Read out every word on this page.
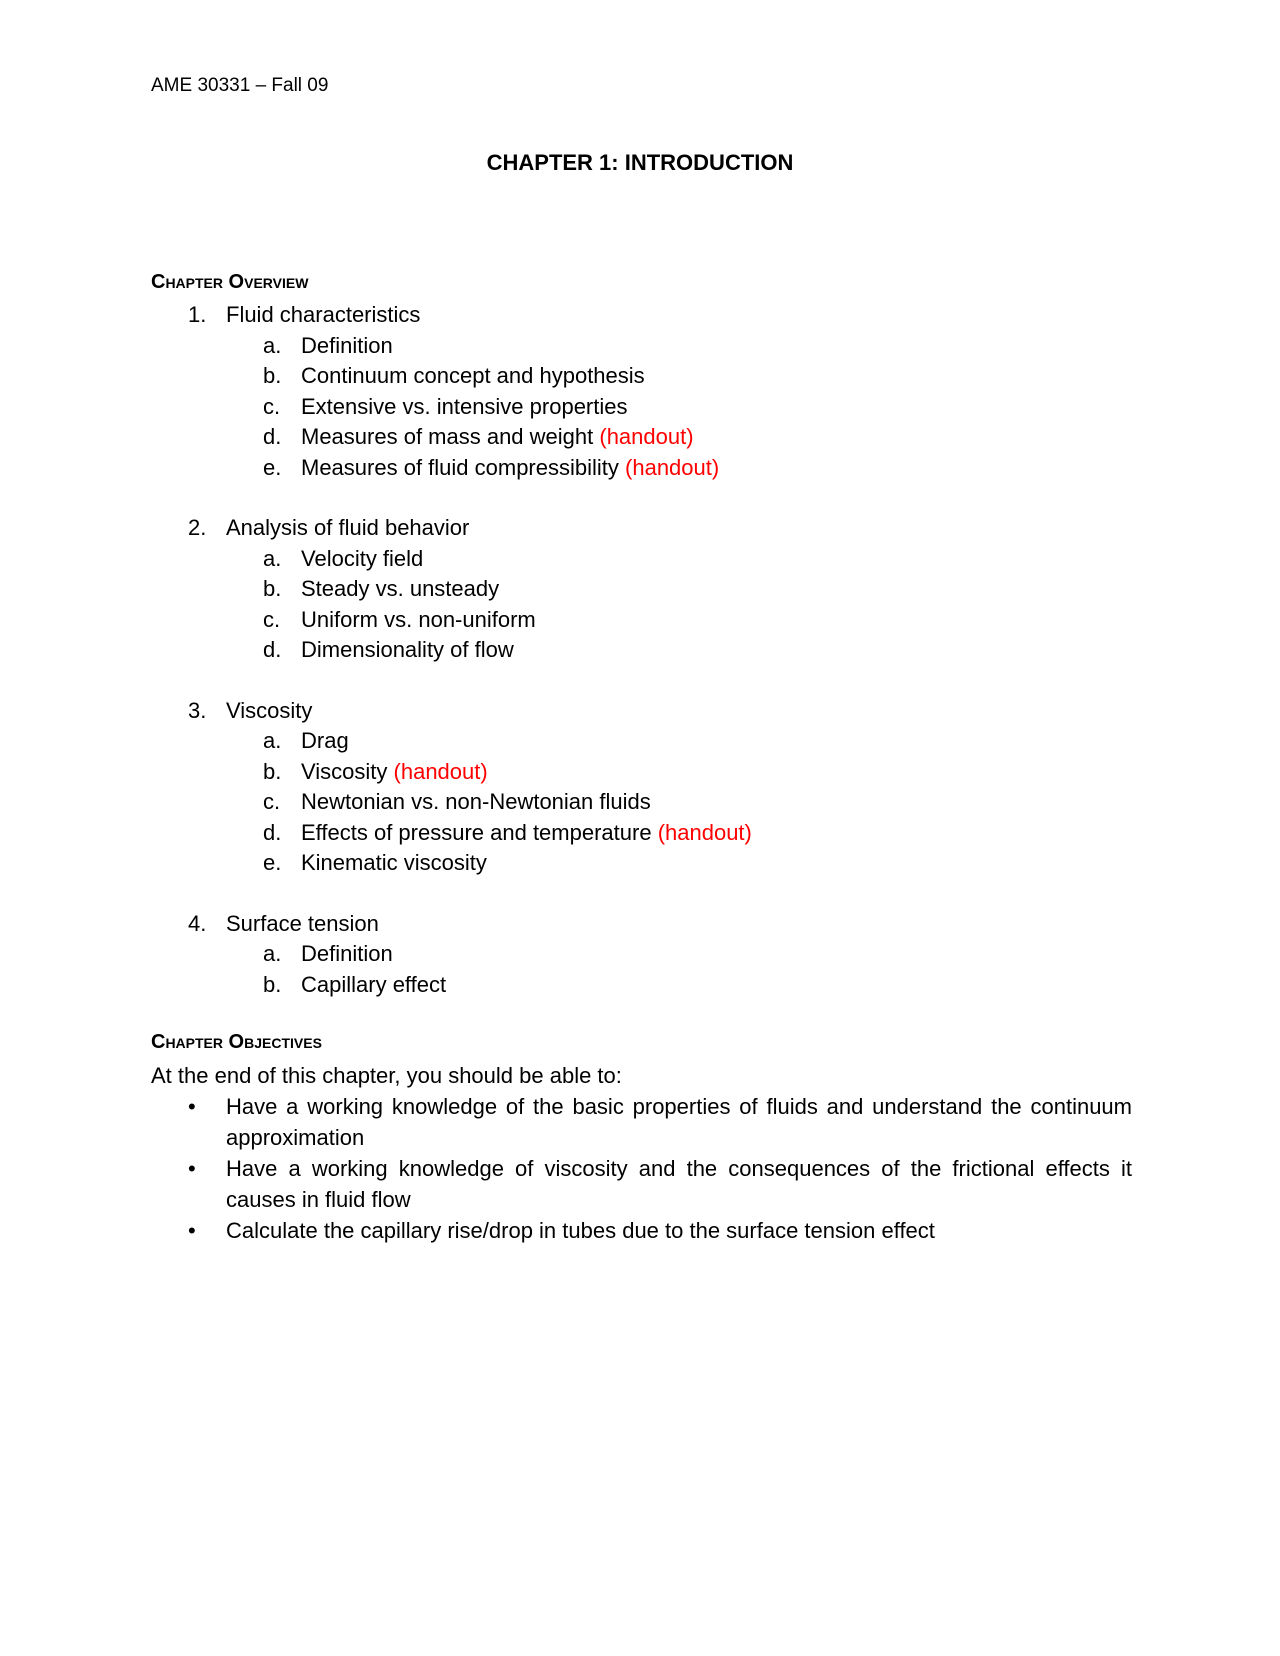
AME 30331 – Fall 09
CHAPTER 1: INTRODUCTION
Chapter Overview
1. Fluid characteristics
a. Definition
b. Continuum concept and hypothesis
c. Extensive vs. intensive properties
d. Measures of mass and weight (handout)
e. Measures of fluid compressibility (handout)
2. Analysis of fluid behavior
a. Velocity field
b. Steady vs. unsteady
c. Uniform vs. non-uniform
d. Dimensionality of flow
3. Viscosity
a. Drag
b. Viscosity (handout)
c. Newtonian vs. non-Newtonian fluids
d. Effects of pressure and temperature (handout)
e. Kinematic viscosity
4. Surface tension
a. Definition
b. Capillary effect
Chapter Objectives
At the end of this chapter, you should be able to:
• Have a working knowledge of the basic properties of fluids and understand the continuum approximation
• Have a working knowledge of viscosity and the consequences of the frictional effects it causes in fluid flow
• Calculate the capillary rise/drop in tubes due to the surface tension effect
